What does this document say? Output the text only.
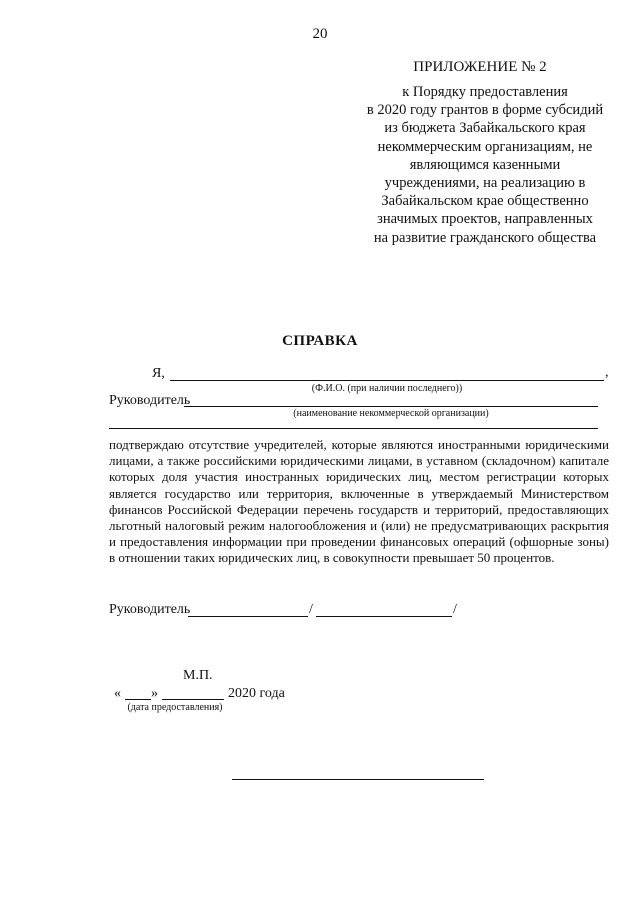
20
ПРИЛОЖЕНИЕ № 2
к Порядку предоставления
в 2020 году грантов в форме субсидий
из бюджета Забайкальского края
некоммерческим организациям, не
являющимся казенными
учреждениями, на реализацию в
Забайкальском крае общественно
значимых проектов, направленных
на развитие гражданского общества
СПРАВКА
Я,	,
(Ф.И.О. (при наличии последнего))
Руководитель
(наименование некоммерческой организации)
подтверждаю отсутствие учредителей, которые являются иностранными юридическими лицами, а также российскими юридическими лицами, в уставном (складочном) капитале которых доля участия иностранных юридических лиц, местом регистрации которых является государство или территория, включенные в утверждаемый Министерством финансов Российской Федерации перечень государств и территорий, предоставляющих льготный налоговый режим налогообложения и (или) не предусматривающих раскрытия и предоставления информации при проведении финансовых операций (офшорные зоны) в отношении таких юридических лиц, в совокупности превышает 50 процентов.
Руководитель	/	/
М.П.
« »	2020 года
(дата предоставления)
